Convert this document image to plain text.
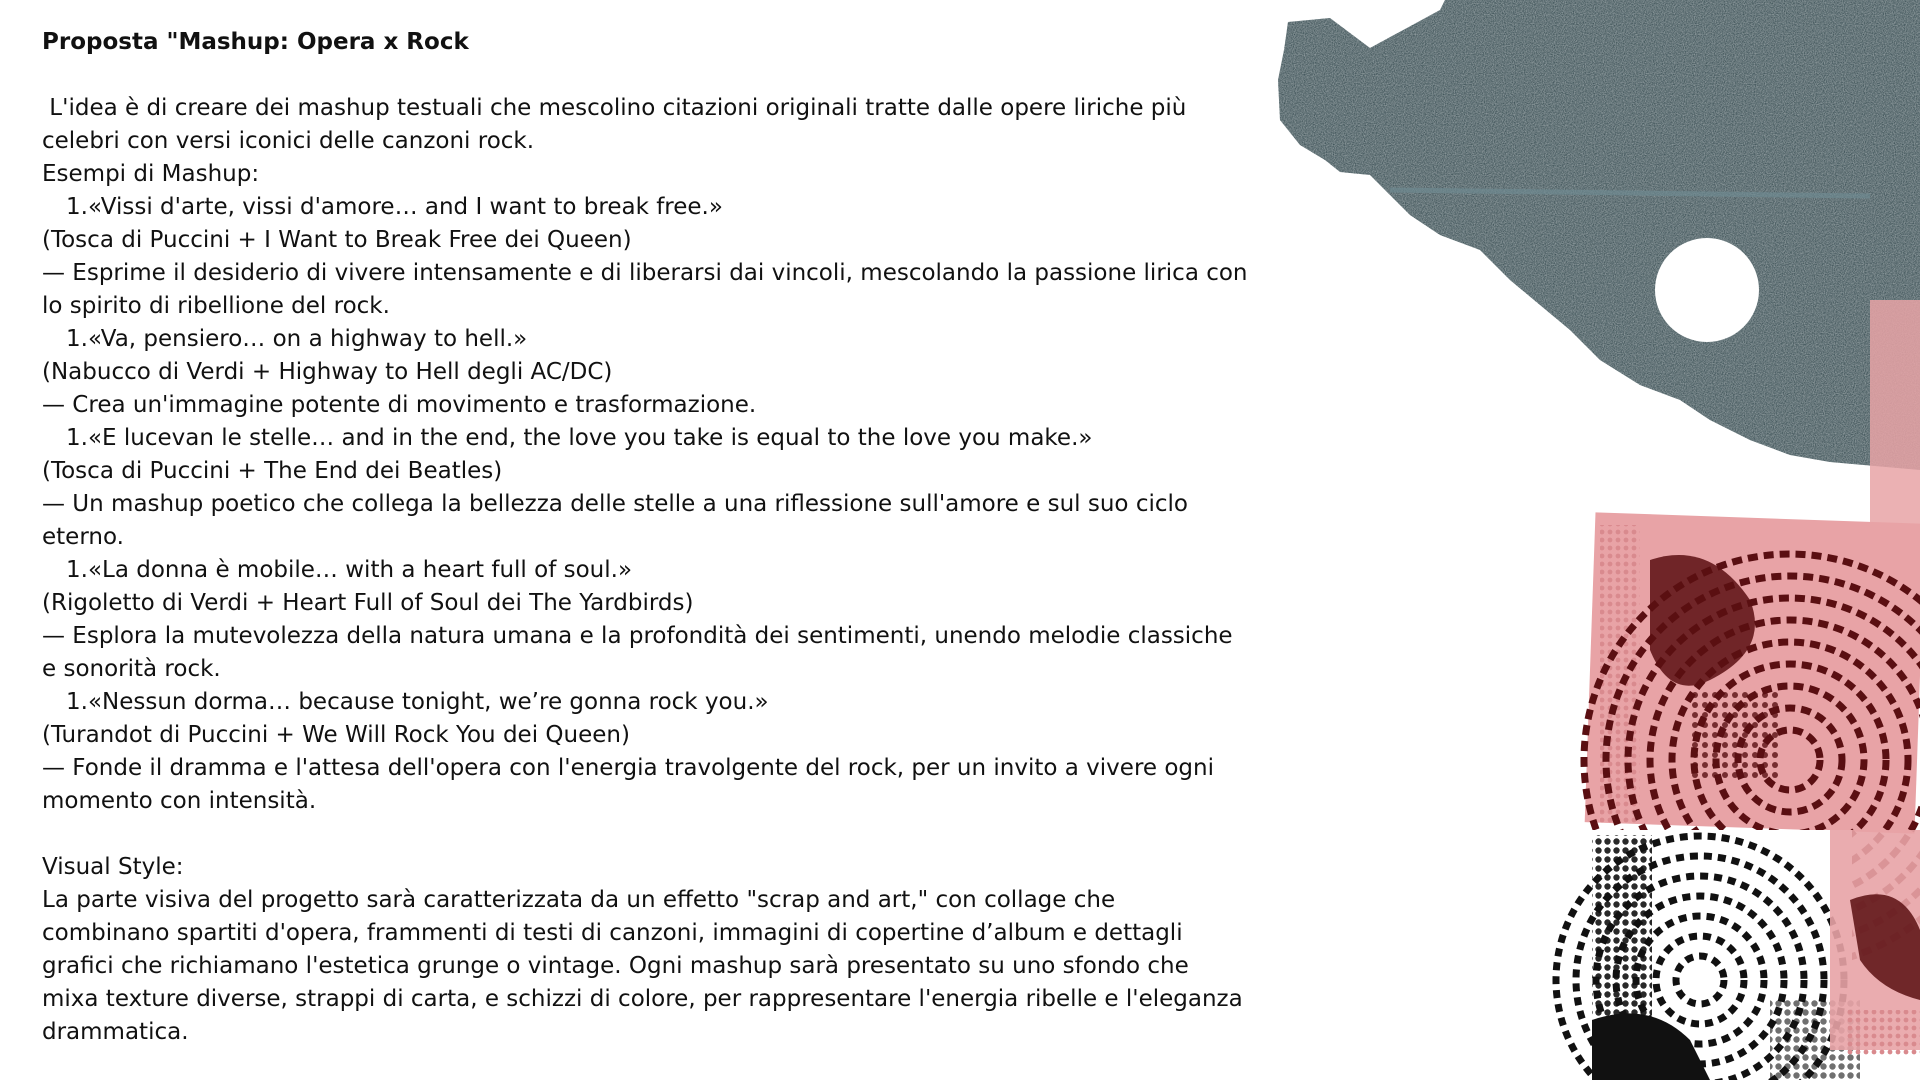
Proposta "Mashup: Opera x Rock

L'idea è di creare dei mashup testuali che mescolino citazioni originali tratte dalle opere liriche più

celebri con versi iconici delle canzoni rock.

Esempi di Mashup:

1.«Vissi d'arte, vissi d'amore… and I want to break free.»

(Tosca di Puccini + I Want to Break Free dei Queen)

— Esprime il desiderio di vivere intensamente e di liberarsi dai vincoli, mescolando la passione lirica con

lo spirito di ribellione del rock.

1.«Va, pensiero… on a highway to hell.»

(Nabucco di Verdi + Highway to Hell degli AC/DC)

— Crea un'immagine potente di movimento e trasformazione.

1.«E lucevan le stelle… and in the end, the love you take is equal to the love you make.»

(Tosca di Puccini + The End dei Beatles)

— Un mashup poetico che collega la bellezza delle stelle a una riflessione sull'amore e sul suo ciclo

eterno.

1.«La donna è mobile… with a heart full of soul.»

(Rigoletto di Verdi + Heart Full of Soul dei The Yardbirds)

— Esplora la mutevolezza della natura umana e la profondità dei sentimenti, unendo melodie classiche

e sonorità rock.

1.«Nessun dorma… because tonight, we’re gonna rock you.»

(Turandot di Puccini + We Will Rock You dei Queen)

— Fonde il dramma e l'attesa dell'opera con l'energia travolgente del rock, per un invito a vivere ogni

momento con intensità.

Visual Style:

La parte visiva del progetto sarà caratterizzata da un effetto "scrap and art," con collage che

combinano spartiti d'opera, frammenti di testi di canzoni, immagini di copertine d’album e dettagli

grafici che richiamano l'estetica grunge o vintage. Ogni mashup sarà presentato su uno sfondo che

mixa texture diverse, strappi di carta, e schizzi di colore, per rappresentare l'energia ribelle e l'eleganza

drammatica.
